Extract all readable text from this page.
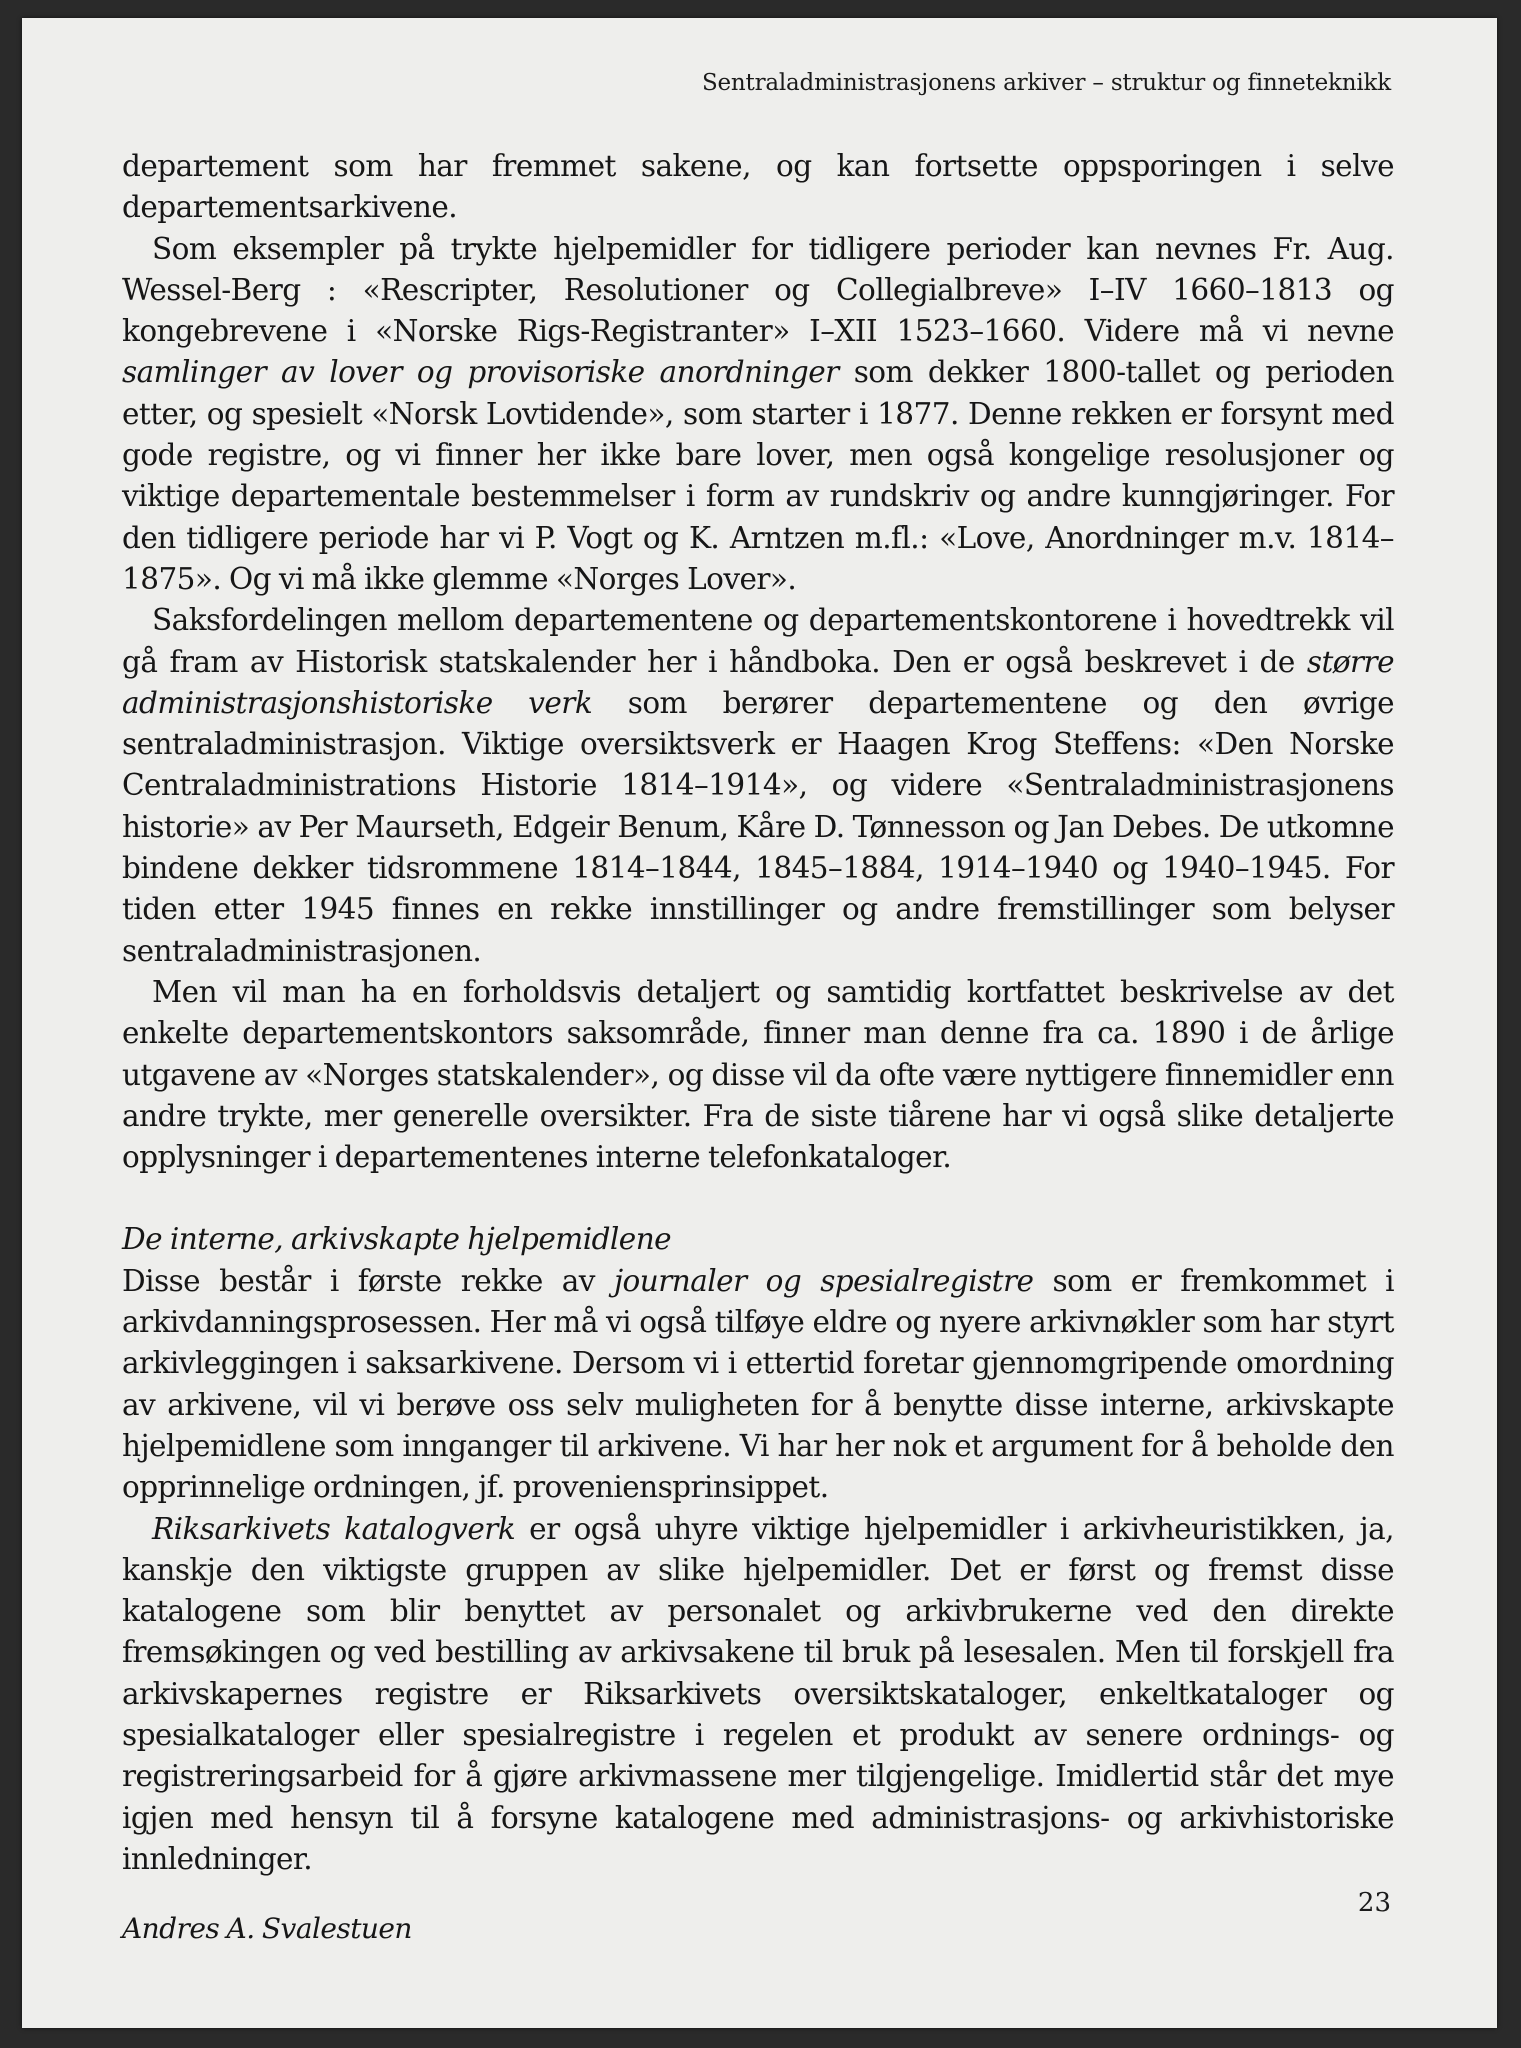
Sentraladministrasjonens arkiver – struktur og finneteknikk

departement som har fremmet sakene, og kan fortsette oppsporingen i selve departementsarkivene.

Som eksempler på trykte hjelpemidler for tidligere perioder kan nevnes Fr. Aug. Wessel-Berg : «Rescripter, Resolutioner og Collegialbreve» I–IV 1660–1813 og kongebrevene i «Norske Rigs-Registranter» I–XII 1523–1660. Videre må vi nevne samlinger av lover og provisoriske anordninger som dekker 1800-tallet og perioden etter, og spesielt «Norsk Lovtidende», som starter i 1877. Denne rekken er forsynt med gode registre, og vi finner her ikke bare lover, men også kongelige resolusjoner og viktige departementale bestemmelser i form av rundskriv og andre kunngjøringer. For den tidligere periode har vi P. Vogt og K. Arntzen m.fl.: «Love, Anordninger m.v. 1814–1875». Og vi må ikke glemme «Norges Lover».

Saksfordelingen mellom departementene og departementskontorene i hovedtrekk vil gå fram av Historisk statskalender her i håndboka. Den er også beskrevet i de større administrasjonshistoriske verk som berører departementene og den øvrige sentraladministrasjon. Viktige oversiktsverk er Haagen Krog Steffens: «Den Norske Centraladministrations Historie 1814–1914», og videre «Sentraladministrasjonens historie» av Per Maurseth, Edgeir Benum, Kåre D. Tønnesson og Jan Debes. De utkomne bindene dekker tidsrommene 1814–1844, 1845–1884, 1914–1940 og 1940–1945. For tiden etter 1945 finnes en rekke innstillinger og andre fremstillinger som belyser sentraladministrasjonen.

Men vil man ha en forholdsvis detaljert og samtidig kortfattet beskrivelse av det enkelte departementskontors saksområde, finner man denne fra ca. 1890 i de årlige utgavene av «Norges statskalender», og disse vil da ofte være nyttigere finnemidler enn andre trykte, mer generelle oversikter. Fra de siste tiårene har vi også slike detaljerte opplysninger i departementenes interne telefonkataloger.

De interne, arkivskapte hjelpemidlene

Disse består i første rekke av journaler og spesialregistre som er fremkommet i arkivdanningsprosessen. Her må vi også tilføye eldre og nyere arkivnøkler som har styrt arkivleggingen i saksarkivene. Dersom vi i ettertid foretar gjennomgripende omordning av arkivene, vil vi berøve oss selv muligheten for å benytte disse interne, arkivskapte hjelpemidlene som innganger til arkivene. Vi har her nok et argument for å beholde den opprinnelige ordningen, jf. proveniensprinsippet.

Riksarkivets katalogverk er også uhyre viktige hjelpemidler i arkivheuristikken, ja, kanskje den viktigste gruppen av slike hjelpemidler. Det er først og fremst disse katalogene som blir benyttet av personalet og arkivbrukerne ved den direkte fremsøkingen og ved bestilling av arkivsakene til bruk på lesesalen. Men til forskjell fra arkivskapernes registre er Riksarkivets oversiktskataloger, enkeltkataloger og spesialkataloger eller spesialregistre i regelen et produkt av senere ordnings- og registreringsarbeid for å gjøre arkivmassene mer tilgjengelige. Imidlertid står det mye igjen med hensyn til å forsyne katalogene med administrasjons- og arkivhistoriske innledninger.

Andres A. Svalestuen

23
